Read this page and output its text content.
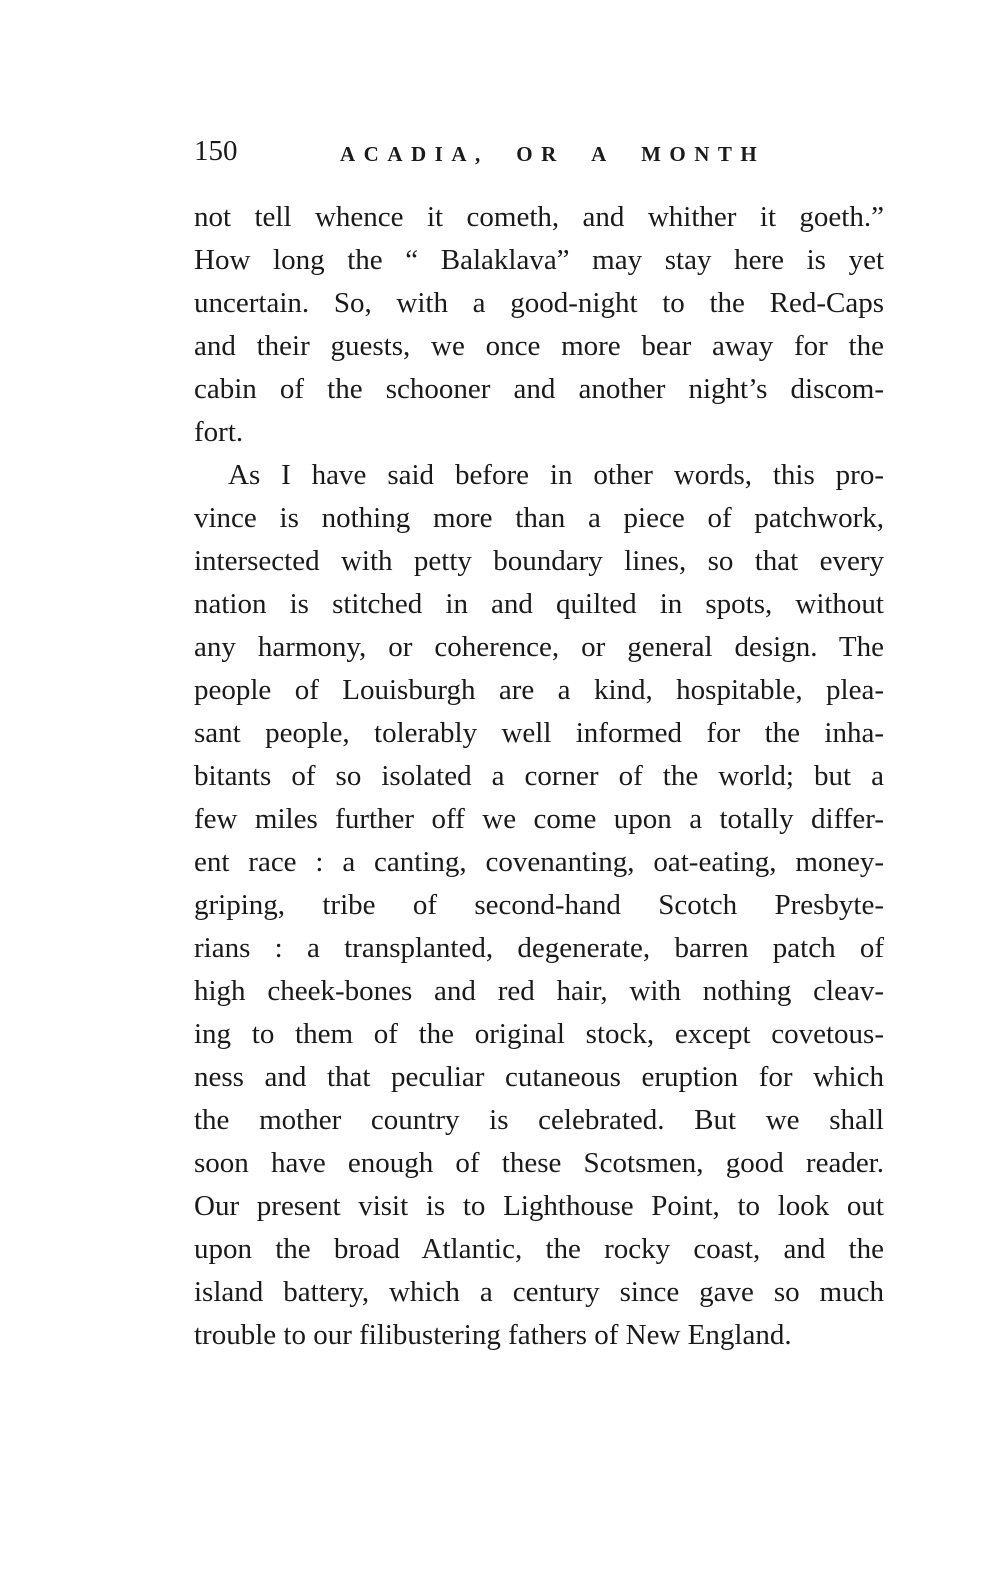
150	ACADIA,  OR  A  MONTH

not tell whence it cometh, and whither it goeth.”
How long the “ Balaklava” may stay here is yet
uncertain. So, with a good-night to the Red-Caps
and their guests, we once more bear away for the
cabin of the schooner and another night’s discom-
fort.

As I have said before in other words, this pro-
vince is nothing more than a piece of patchwork,
intersected with petty boundary lines, so that every
nation is stitched in and quilted in spots, without
any harmony, or coherence, or general design. The
people of Louisburgh are a kind, hospitable, plea-
sant people, tolerably well informed for the inha-
bitants of so isolated a corner of the world; but a
few miles further off we come upon a totally differ-
ent race : a canting, covenanting, oat-eating, money-
griping, tribe of second-hand Scotch Presbyte-
rians : a transplanted, degenerate, barren patch of
high cheek-bones and red hair, with nothing cleav-
ing to them of the original stock, except covetous-
ness and that peculiar cutaneous eruption for which
the mother country is celebrated. But we shall
soon have enough of these Scotsmen, good reader.
Our present visit is to Lighthouse Point, to look out
upon the broad Atlantic, the rocky coast, and the
island battery, which a century since gave so much
trouble to our filibustering fathers of New England.
